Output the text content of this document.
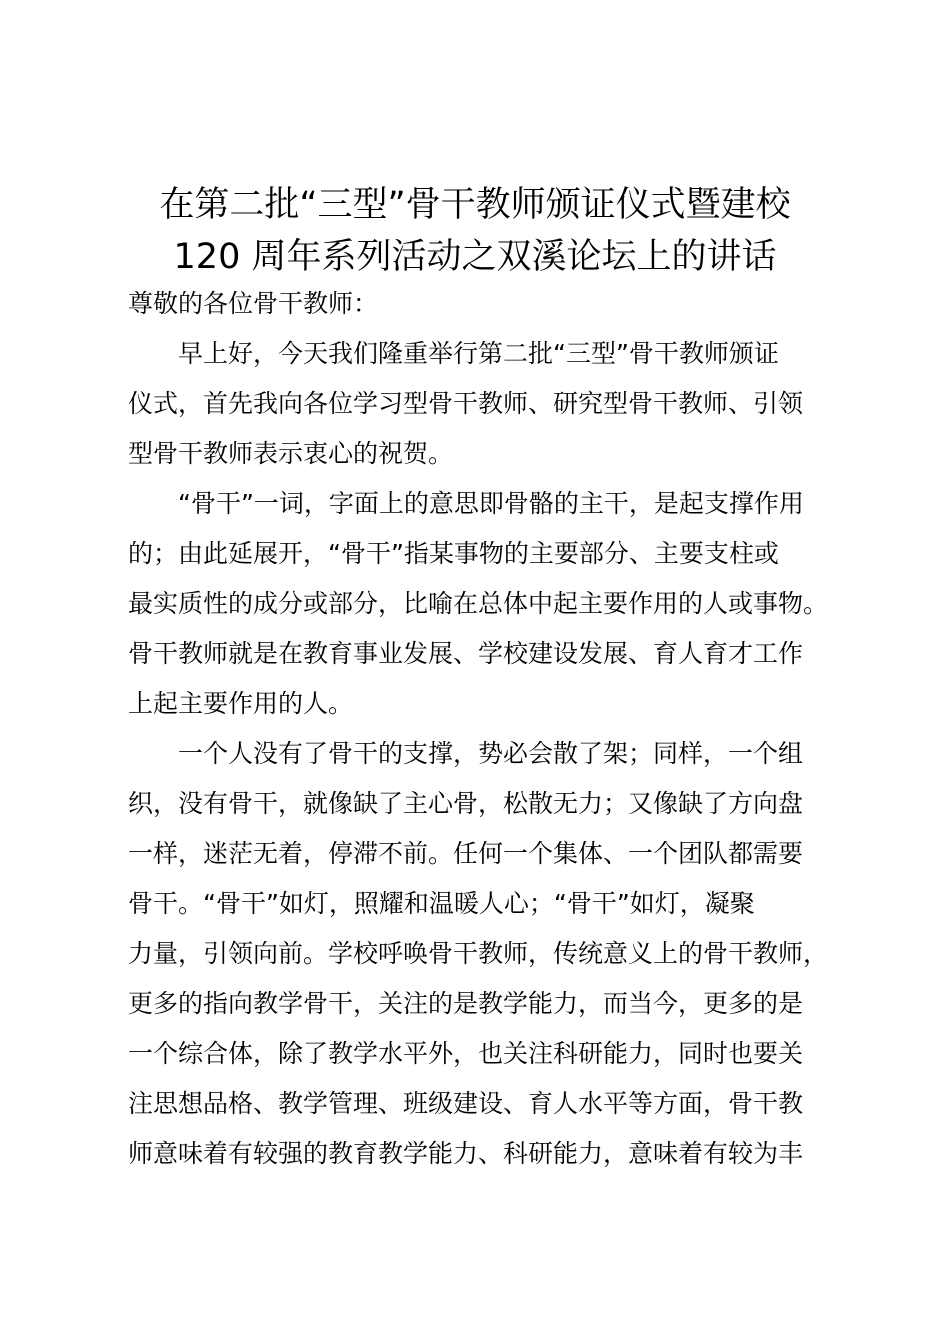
在第二批“三型”骨干教师颁证仪式暨建校
120 周年系列活动之双溪论坛上的讲话

尊敬的各位骨干教师：

　　早上好，今天我们隆重举行第二批“三型”骨干教师颁证

仪式，首先我向各位学习型骨干教师、研究型骨干教师、引领

型骨干教师表示衷心的祝贺。

　　“骨干”一词，字面上的意思即骨骼的主干，是起支撑作用

的；由此延展开，“骨干”指某事物的主要部分、主要支柱或

最实质性的成分或部分，比喻在总体中起主要作用的人或事物。

骨干教师就是在教育事业发展、学校建设发展、育人育才工作

上起主要作用的人。

　　一个人没有了骨干的支撑，势必会散了架；同样，一个组

织，没有骨干，就像缺了主心骨，松散无力；又像缺了方向盘

一样，迷茫无着，停滞不前。任何一个集体、一个团队都需要

骨干。“骨干”如灯，照耀和温暖人心；“骨干”如灯，凝聚

力量，引领向前。学校呼唤骨干教师，传统意义上的骨干教师，

更多的指向教学骨干，关注的是教学能力，而当今，更多的是

一个综合体，除了教学水平外，也关注科研能力，同时也要关

注思想品格、教学管理、班级建设、育人水平等方面，骨干教

师意味着有较强的教育教学能力、科研能力，意味着有较为丰
